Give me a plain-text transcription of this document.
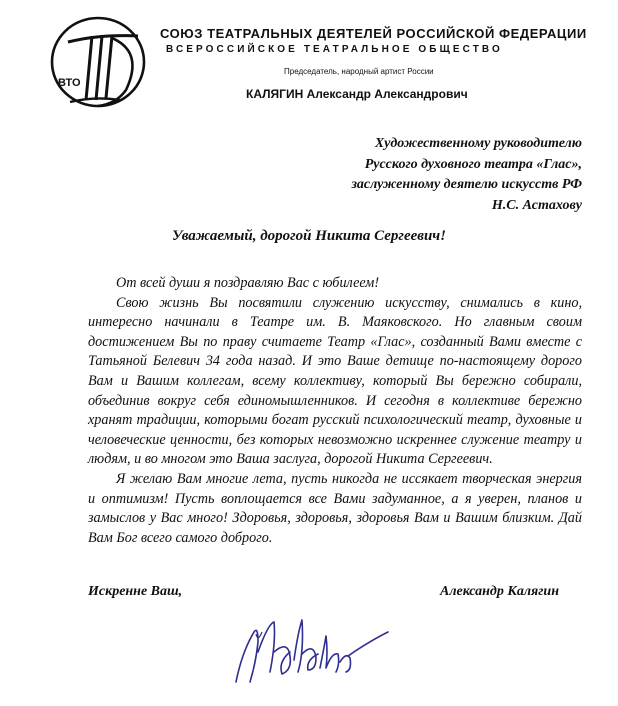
ВТО
СОЮЗ ТЕАТРАЛЬНЫХ ДЕЯТЕЛЕЙ РОССИЙСКОЙ ФЕДЕРАЦИИ
ВСЕРОССИЙСКОЕ ТЕАТРАЛЬНОЕ ОБЩЕСТВО
Председатель, народный артист России
КАЛЯГИН Александр Александрович
Художественному руководителю
Русского духовного театра «Глас»,
заслуженному деятелю искусств РФ
Н.С. Астахову
Уважаемый, дорогой Никита Сергеевич!

От всей души я поздравляю Вас с юбилеем!

Свою жизнь Вы посвятили служению искусству, снимались в кино, интересно начинали в Театре им. В. Маяковского. Но главным своим достижением Вы по праву считаете Театр «Глас», созданный Вами вместе с Татьяной Белевич 34 года назад. И это Ваше детище по-настоящему дорого Вам и Вашим коллегам, всему коллективу, который Вы бережно собирали, объединив вокруг себя единомышленников. И сегодня в коллективе бережно хранят традиции, которыми богат русский психологический театр, духовные и человеческие ценности, без которых невозможно искреннее служение театру и людям, и во многом это Ваша заслуга, дорогой Никита Сергеевич.

Я желаю Вам многие лета, пусть никогда не иссякает творческая энергия и оптимизм! Пусть воплощается все Вами задуманное, а я уверен, планов и замыслов у Вас много! Здоровья, здоровья, здоровья Вам и Вашим близким. Дай Вам Бог всего самого доброго.

Искренне Ваш,	Александр Калягин
